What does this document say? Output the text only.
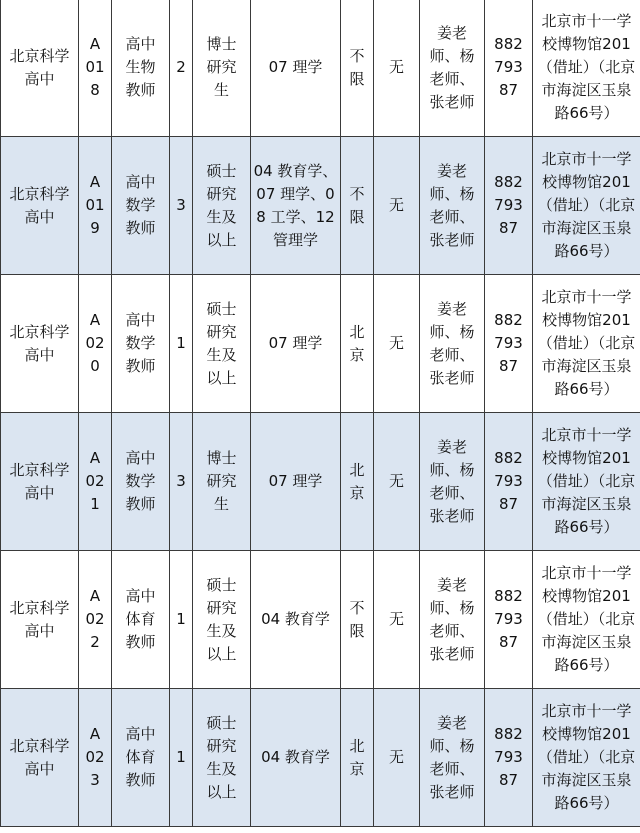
北京科学高中	A
01
8	高中
生物
教师	2	博士
研究
生	07 理学	不
限	无	姜老
师、杨
老师、
张老师	882
793
87	北京市十一学校博物馆201（借址）（北京市海淀区玉泉路66号）
北京科学高中	A
01
9	高中
数学
教师	3	硕士
研究
生及
以上	04 教育学、07 理学、08 工学、12 管理学	不
限	无	姜老
师、杨
老师、
张老师	882
793
87	北京市十一学校博物馆201（借址）（北京市海淀区玉泉路66号）
北京科学高中	A
02
0	高中
数学
教师	1	硕士
研究
生及
以上	07 理学	北
京	无	姜老
师、杨
老师、
张老师	882
793
87	北京市十一学校博物馆201（借址）（北京市海淀区玉泉路66号）
北京科学高中	A
02
1	高中
数学
教师	3	博士
研究
生	07 理学	北
京	无	姜老
师、杨
老师、
张老师	882
793
87	北京市十一学校博物馆201（借址）（北京市海淀区玉泉路66号）
北京科学高中	A
02
2	高中
体育
教师	1	硕士
研究
生及
以上	04 教育学	不
限	无	姜老
师、杨
老师、
张老师	882
793
87	北京市十一学校博物馆201（借址）（北京市海淀区玉泉路66号）
北京科学高中	A
02
3	高中
体育
教师	1	硕士
研究
生及
以上	04 教育学	北
京	无	姜老
师、杨
老师、
张老师	882
793
87	北京市十一学校博物馆201（借址）（北京市海淀区玉泉路66号）
